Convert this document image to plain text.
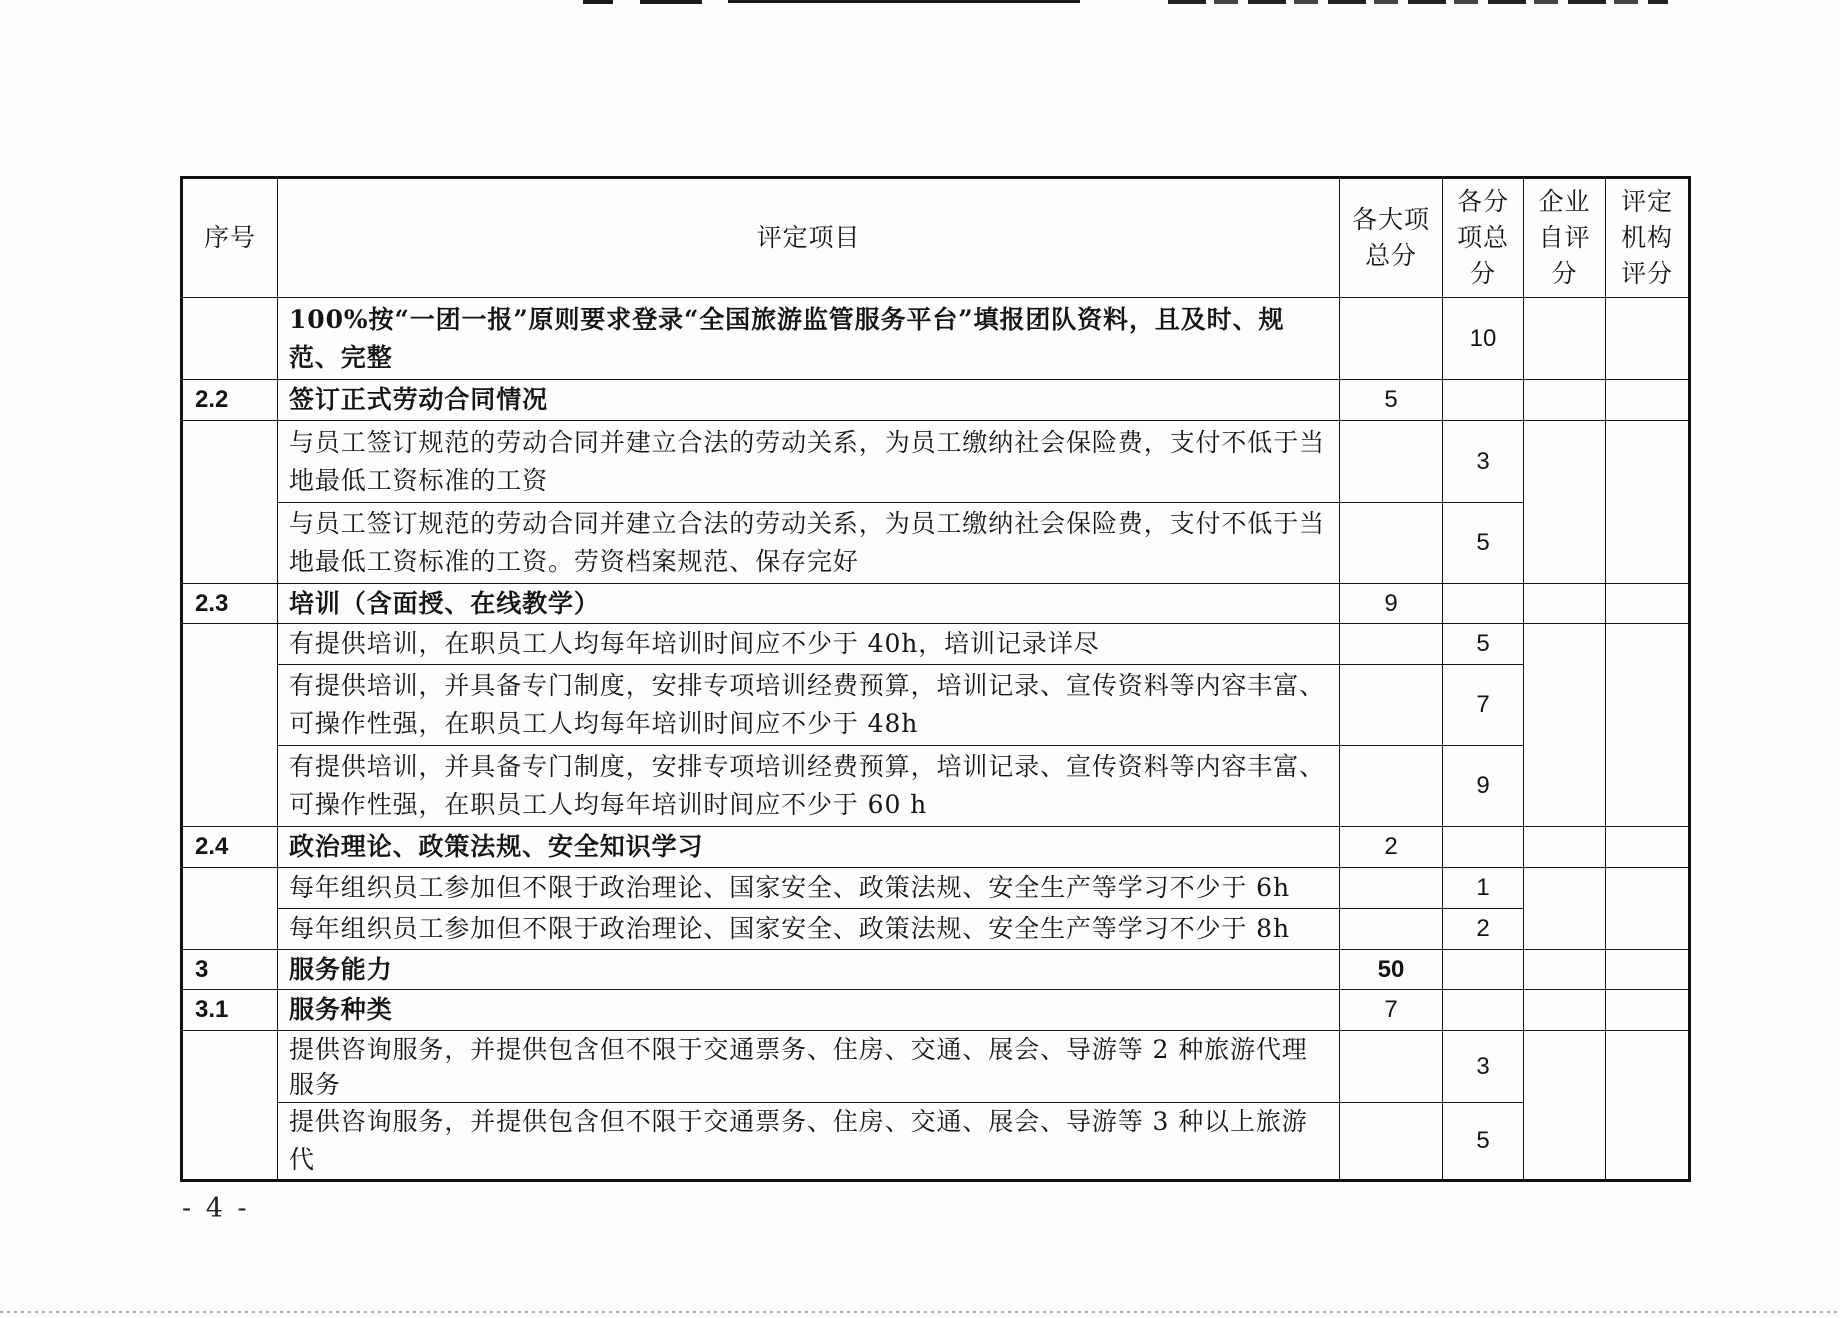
序号	评定项目	各大项总分	各分项总分	企业自评分	评定机构评分
	100%按“一团一报”原则要求登录“全国旅游监管服务平台”填报团队资料，且及时、规范、完整		10		
2.2	签订正式劳动合同情况	5			
	与员工签订规范的劳动合同并建立合法的劳动关系，为员工缴纳社会保险费，支付不低于当地最低工资标准的工资		3		
	与员工签订规范的劳动合同并建立合法的劳动关系，为员工缴纳社会保险费，支付不低于当地最低工资标准的工资。劳资档案规范、保存完好		5		
2.3	培训（含面授、在线教学）	9			
	有提供培训，在职员工人均每年培训时间应不少于 40h，培训记录详尽		5		
	有提供培训，并具备专门制度，安排专项培训经费预算，培训记录、宣传资料等内容丰富、可操作性强，在职员工人均每年培训时间应不少于 48h		7		
	有提供培训，并具备专门制度，安排专项培训经费预算，培训记录、宣传资料等内容丰富、可操作性强，在职员工人均每年培训时间应不少于 60 h		9		
2.4	政治理论、政策法规、安全知识学习	2			
	每年组织员工参加但不限于政治理论、国家安全、政策法规、安全生产等学习不少于 6h		1		
	每年组织员工参加但不限于政治理论、国家安全、政策法规、安全生产等学习不少于 8h		2		
3	服务能力	50			
3.1	服务种类	7			
	提供咨询服务，并提供包含但不限于交通票务、住房、交通、展会、导游等 2 种旅游代理服务		3		
	提供咨询服务，并提供包含但不限于交通票务、住房、交通、展会、导游等 3 种以上旅游代		5		
- 4 -
